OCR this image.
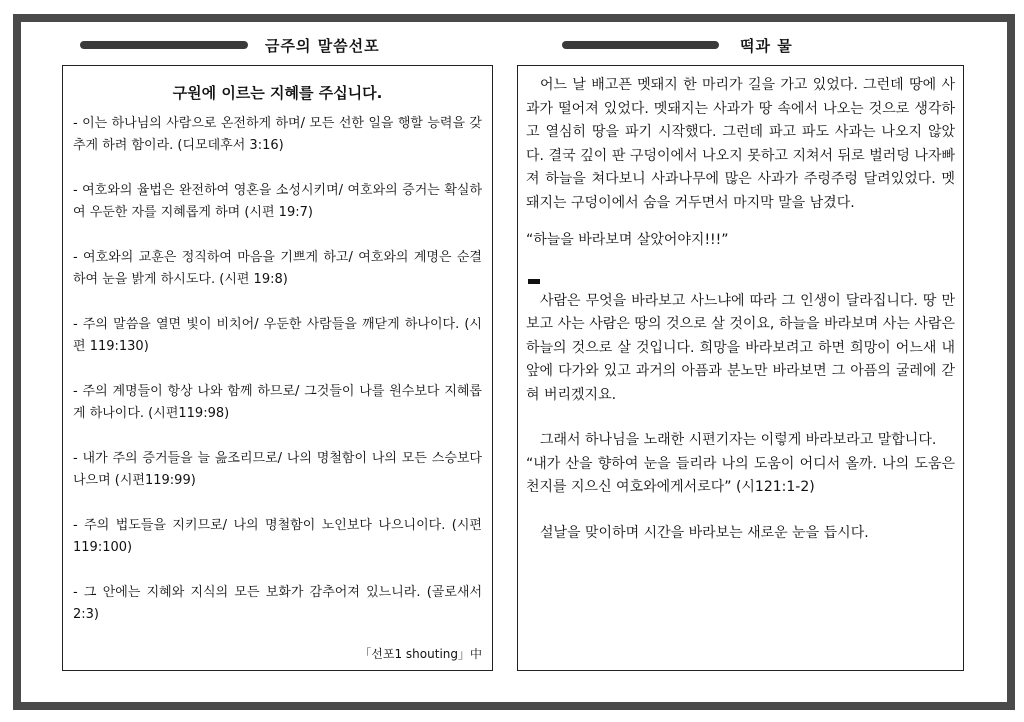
금주의 말씀선포	떡과 물
구원에 이르는 지혜를 주십니다.

- 이는 하나님의 사람으로 온전하게 하며/ 모든 선한 일을 행할 능력을 갖추게 하려 함이라. (디모데후서 3:16)

- 여호와의 율법은 완전하여 영혼을 소성시키며/ 여호와의 증거는 확실하여 우둔한 자를 지혜롭게 하며 (시편 19:7)

- 여호와의 교훈은 정직하여 마음을 기쁘게 하고/ 여호와의 계명은 순결하여 눈을 밝게 하시도다. (시편 19:8)

- 주의 말씀을 열면 빛이 비치어/ 우둔한 사람들을 깨닫게 하나이다. (시편 119:130)

- 주의 계명들이 항상 나와 함께 하므로/ 그것들이 나를 원수보다 지혜롭게 하나이다. (시편119:98)

- 내가 주의 증거들을 늘 읊조리므로/ 나의 명철함이 나의 모든 스승보다 나으며 (시편119:99)

- 주의 법도들을 지키므로/ 나의 명철함이 노인보다 나으니이다. (시편119:100)

- 그 안에는 지혜와 지식의 모든 보화가 감추어져 있느니라. (골로새서 2:3)

「선포1 shouting」中

어느 날 배고픈 멧돼지 한 마리가 길을 가고 있었다. 그런데 땅에 사과가 떨어져 있었다. 멧돼지는 사과가 땅 속에서 나오는 것으로 생각하고 열심히 땅을 파기 시작했다. 그런데 파고 파도 사과는 나오지 않았다. 결국 깊이 판 구덩이에서 나오지 못하고 지쳐서 뒤로 벌러덩 나자빠져 하늘을 쳐다보니 사과나무에 많은 사과가 주렁주렁 달려있었다. 멧돼지는 구덩이에서 숨을 거두면서 마지막 말을 남겼다.

“하늘을 바라보며 살았어야지!!!”

사람은 무엇을 바라보고 사느냐에 따라 그 인생이 달라집니다. 땅 만 보고 사는 사람은 땅의 것으로 살 것이요, 하늘을 바라보며 사는 사람은 하늘의 것으로 살 것입니다. 희망을 바라보려고 하면 희망이 어느새 내 앞에 다가와 있고 과거의 아픔과 분노만 바라보면 그 아픔의 굴레에 갇혀 버리겠지요.

그래서 하나님을 노래한 시편기자는 이렇게 바라보라고 말합니다.

“내가 산을 향하여 눈을 들리라 나의 도움이 어디서 올까. 나의 도움은 천지를 지으신 여호와에게서로다” (시121:1-2)

설날을 맞이하며 시간을 바라보는 새로운 눈을 듭시다.
